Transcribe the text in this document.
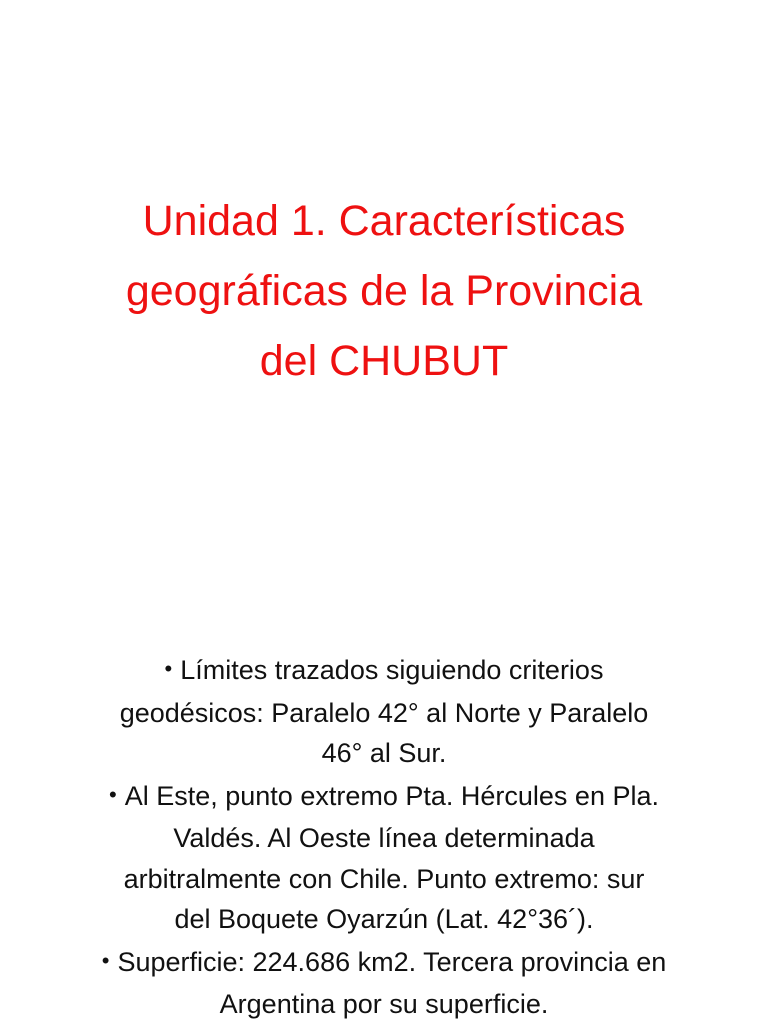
Unidad 1. Características
geográficas de la Provincia
del CHUBUT
• Límites trazados siguiendo criterios
geodésicos: Paralelo 42° al Norte y Paralelo
46° al Sur.
• Al Este, punto extremo Pta. Hércules en Pla.
Valdés. Al Oeste línea determinada
arbitralmente con Chile. Punto extremo: sur
del Boquete Oyarzún (Lat. 42°36´).
• Superficie: 224.686 km2. Tercera provincia en
Argentina por su superficie.
